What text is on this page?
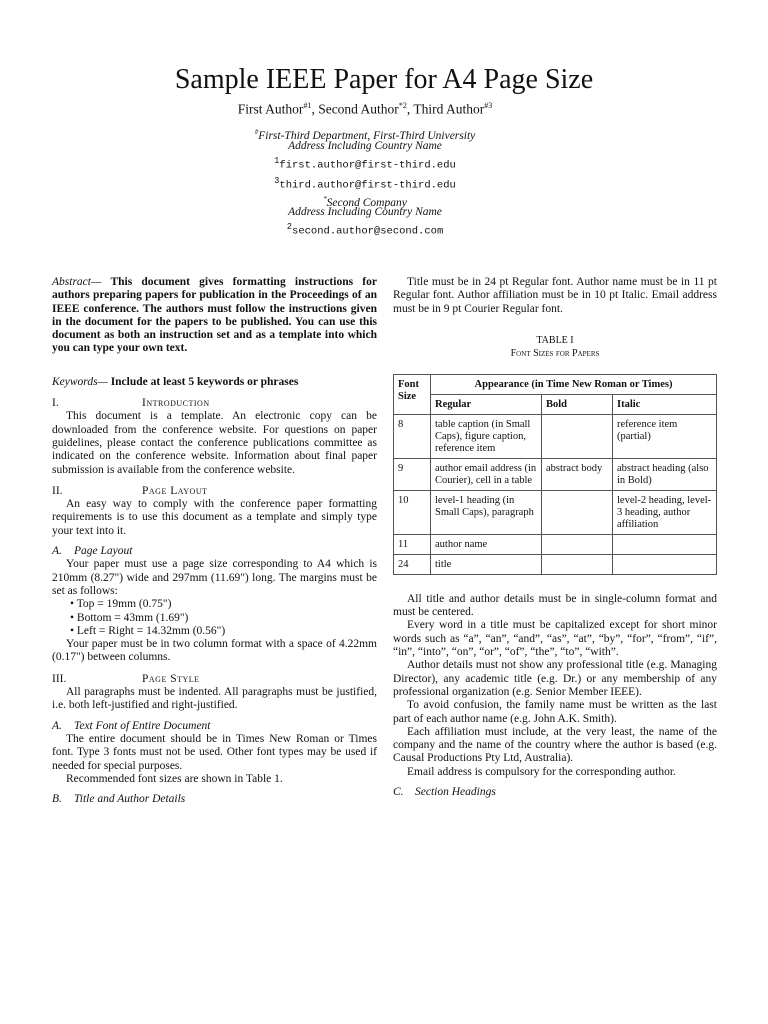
Sample IEEE Paper for A4 Page Size
First Author$^{\#1}$, Second Author$^{*2}$, Third Author$^{\#3}$
#First-Third Department, First-Third University
Address Including Country Name
$^1$first.author@first-third.edu
$^3$third.author@first-third.edu
*Second Company
Address Including Country Name
$^2$second.author@second.com

Abstract— This document gives formatting instructions for authors preparing papers for publication in the Proceedings of an IEEE conference. The authors must follow the instructions given in the document for the papers to be published. You can use this document as both an instruction set and as a template into which you can type your own text.

Keywords— Include at least 5 keywords or phrases

I.	Introduction

This document is a template. An electronic copy can be downloaded from the conference website. For questions on paper guidelines, please contact the conference publications committee as indicated on the conference website. Information about final paper submission is available from the conference website.

II.	Page Layout

An easy way to comply with the conference paper formatting requirements is to use this document as a template and simply type your text into it.

A. Page Layout

Your paper must use a page size corresponding to A4 which is 210mm (8.27") wide and 297mm (11.69") long. The margins must be set as follows:

• Top = 19mm (0.75")

• Bottom = 43mm (1.69")

• Left = Right = 14.32mm (0.56")

Your paper must be in two column format with a space of 4.22mm (0.17") between columns.

III.	Page Style

All paragraphs must be indented. All paragraphs must be justified, i.e. both left-justified and right-justified.

A. Text Font of Entire Document

The entire document should be in Times New Roman or Times font. Type 3 fonts must not be used. Other font types may be used if needed for special purposes.

Recommended font sizes are shown in Table 1.

B. Title and Author Details

Title must be in 24 pt Regular font. Author name must be in 11 pt Regular font. Author affiliation must be in 10 pt Italic. Email address must be in 9 pt Courier Regular font.

TABLE I
Font Sizes for Papers
Font Size	Appearance (in Time New Roman or Times)		
	Regular	Bold	Italic
8	table caption (in Small Caps), figure caption, reference item		reference item (partial)
9	author email address (in Courier), cell in a table	abstract body	abstract heading (also in Bold)
10	level-1 heading (in Small Caps), paragraph		level-2 heading, level-3 heading, author affiliation
11	author name		
24	title		

All title and author details must be in single-column format and must be centered.

Every word in a title must be capitalized except for short minor words such as “a”, “an”, “and”, “as”, “at”, “by”, “for”, “from”, “if”, “in”, “into”, “on”, “or”, “of”, “the”, “to”, “with”.

Author details must not show any professional title (e.g. Managing Director), any academic title (e.g. Dr.) or any membership of any professional organization (e.g. Senior Member IEEE).

To avoid confusion, the family name must be written as the last part of each author name (e.g. John A.K. Smith).

Each affiliation must include, at the very least, the name of the company and the name of the country where the author is based (e.g. Causal Productions Pty Ltd, Australia).

Email address is compulsory for the corresponding author.

C. Section Headings
